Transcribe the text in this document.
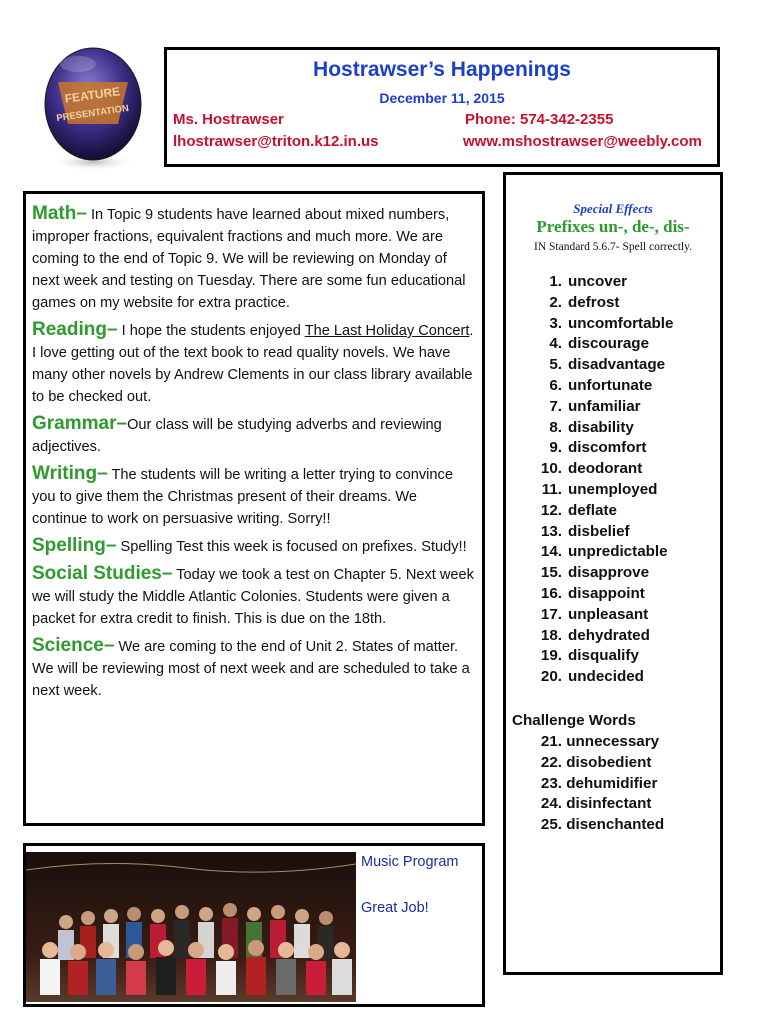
FEATURE
PRESENTATION
Hostrawser’s Happenings
December 11, 2015
Ms. Hostrawser	Phone: 574-342-2355
lhostrawser@triton.k12.in.us	www.mshostrawser@weebly.com

Math– In Topic 9 students have learned about mixed numbers, improper fractions, equivalent fractions and much more. We are coming to the end of Topic 9. We will be reviewing on Monday of next week and testing on Tuesday. There are some fun educational games on my website for extra practice.

Reading– I hope the students enjoyed The Last Holiday Concert. I love getting out of the text book to read quality novels. We have many other novels by Andrew Clements in our class library available to be checked out.

Grammar–Our class will be studying adverbs and reviewing adjectives.

Writing– The students will be writing a letter trying to convince you to give them the Christmas present of their dreams. We continue to work on persuasive writing. Sorry!!

Spelling– Spelling Test this week is focused on prefixes. Study!!

Social Studies– Today we took a test on Chapter 5. Next week we will study the Middle Atlantic Colonies. Students were given a packet for extra credit to finish. This is due on the 18th.

Science– We are coming to the end of Unit 2. States of matter. We will be reviewing most of next week and are scheduled to take a next week.

Special Effects
Prefixes un-, de-, dis-
IN Standard 5.6.7- Spell correctly.
1. uncover
2. defrost
3. uncomfortable
4. discourage
5. disadvantage
6. unfortunate
7. unfamiliar
8. disability
9. discomfort
10. deodorant
11. unemployed
12. deflate
13. disbelief
14. unpredictable
15. disapprove
16. disappoint
17. unpleasant
18. dehydrated
19. disqualify
20. undecided
Challenge Words
21. unnecessary
22. disobedient
23. dehumidifier
24. disinfectant
25. disenchanted
Music Program
Great Job!
